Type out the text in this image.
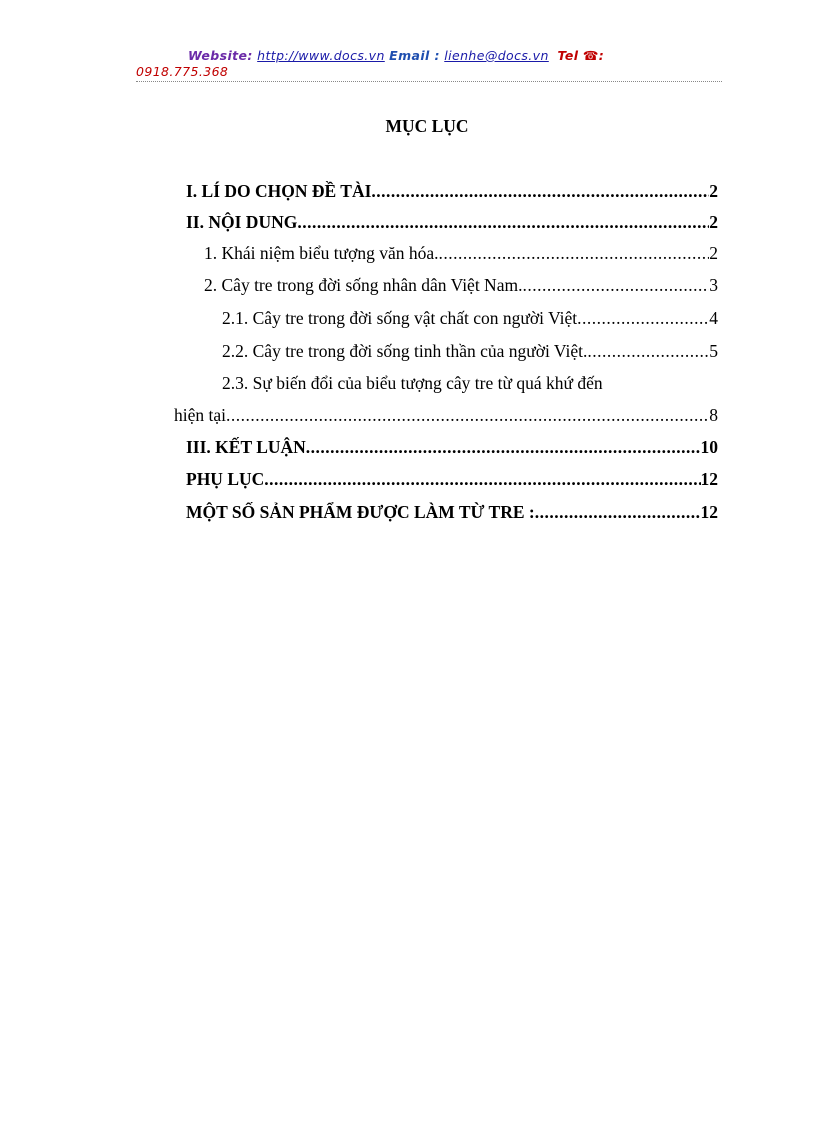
Website: http://www.docs.vn Email : lienhe@docs.vn Tel ☎:
0918.775.368
MỤC LỤC
I. LÍ DO CHỌN ĐỀ TÀI .....	2
II. NỘI DUNG .....	2
1. Khái niệm biểu tượng văn hóa. .....	2
2. Cây tre trong đời sống nhân dân Việt Nam. .....	3
2.1. Cây tre trong đời sống vật chất con người Việt .....	4
2.2. Cây tre trong đời sống tinh thần của người Việt. .....	5
2.3. Sự biến đổi của biểu tượng cây tre từ quá khứ đến
hiện tại .....	8
III. KẾT LUẬN .....	10
PHỤ LỤC .....	12
MỘT SỐ SẢN PHẨM ĐƯỢC LÀM TỪ TRE : .....	12
